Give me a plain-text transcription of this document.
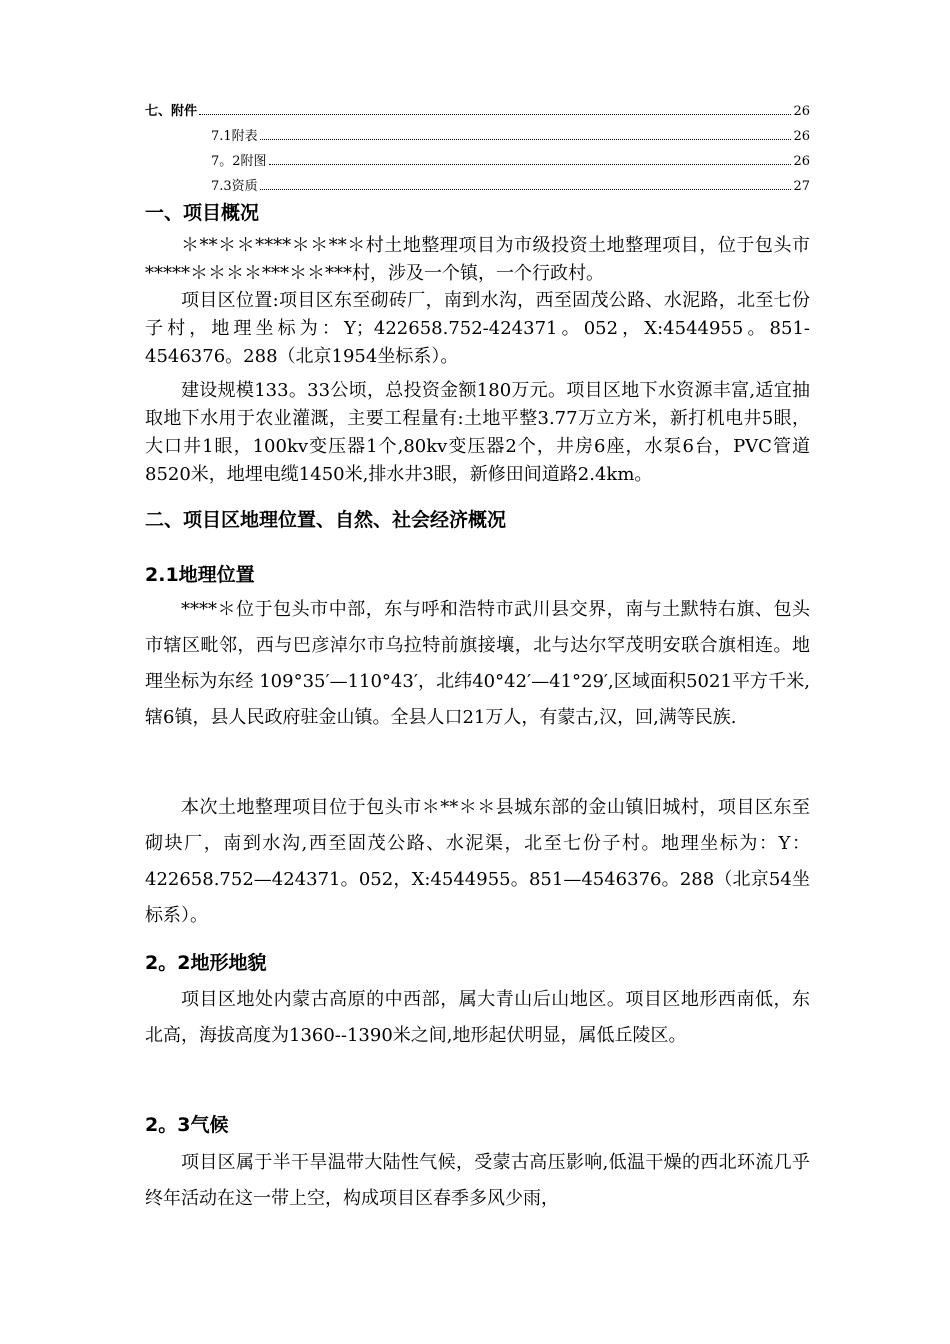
七、附件	26
7.1附表	26
7。2附图	26
7.3资质	27
一、项目概况
＊**＊＊****＊＊**＊村土地整理项目为市级投资土地整理项目，位于包头市*****＊＊＊＊***＊＊***村，涉及一个镇，一个行政村。
项目区位置:项目区东至砌砖厂，南到水沟，西至固茂公路、水泥路，北至七份子村，地理坐标为：Y；422658.752-424371。052，X:4544955。851-4546376。288（北京1954坐标系）。
建设规模133。33公顷，总投资金额180万元。项目区地下水资源丰富,适宜抽取地下水用于农业灌溉，主要工程量有:土地平整3.77万立方米，新打机电井5眼，大口井1眼，100kv变压器1个,80kv变压器2个，井房6座，水泵6台，PVC管道8520米，地埋电缆1450米,排水井3眼，新修田间道路2.4km。
二、项目区地理位置、自然、社会经济概况
2.1地理位置
****＊位于包头市中部，东与呼和浩特市武川县交界，南与土默特右旗、包头市辖区毗邻，西与巴彦淖尔市乌拉特前旗接壤，北与达尔罕茂明安联合旗相连。地理坐标为东经 109°35′—110°43′，北纬40°42′—41°29′,区域面积5021平方千米,辖6镇，县人民政府驻金山镇。全县人口21万人，有蒙古,汉，回,满等民族.
本次土地整理项目位于包头市＊**＊＊县城东部的金山镇旧城村，项目区东至砌块厂，南到水沟,西至固茂公路、水泥渠，北至七份子村。地理坐标为：Y：422658.752—424371。052，X:4544955。851—4546376。288（北京54坐标系）。
2。2地形地貌
项目区地处内蒙古高原的中西部，属大青山后山地区。项目区地形西南低，东北高，海拔高度为1360--1390米之间,地形起伏明显，属低丘陵区。
2。3气候
项目区属于半干旱温带大陆性气候，受蒙古高压影响,低温干燥的西北环流几乎终年活动在这一带上空，构成项目区春季多风少雨，
